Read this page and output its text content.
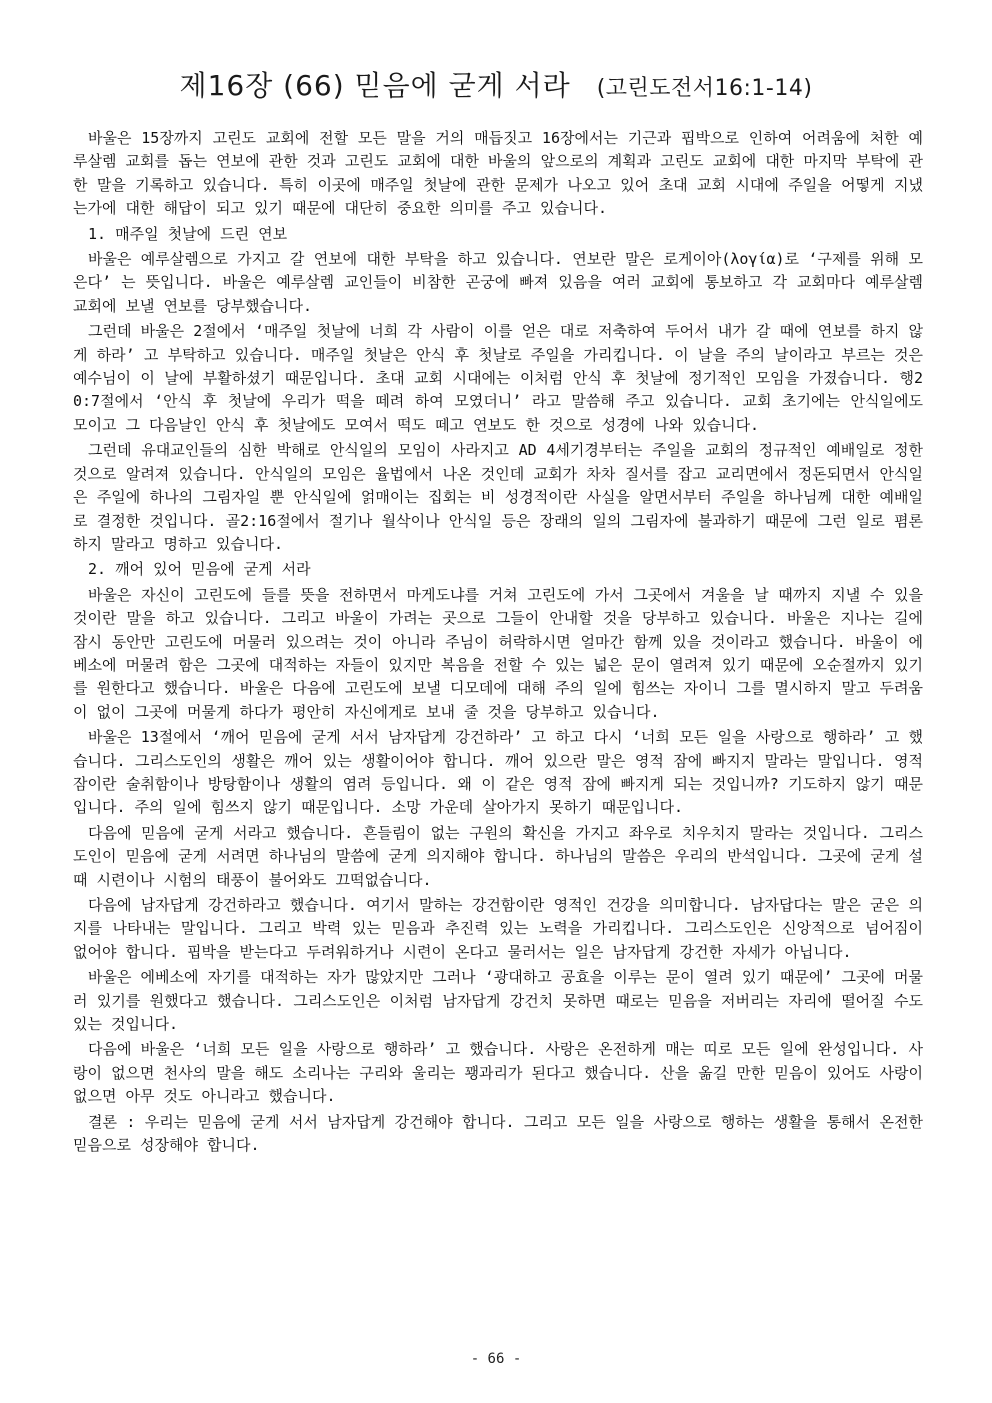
제16장 (66) 믿음에 굳게 서라 (고린도전서16:1-14)

바울은 15장까지 고린도 교회에 전할 모든 말을 거의 매듭짓고 16장에서는 기근과 핍박으로 인하여 어려움에 처한 예루살렘 교회를 돕는 연보에 관한 것과 고린도 교회에 대한 바울의 앞으로의 계획과 고린도 교회에 대한 마지막 부탁에 관한 말을 기록하고 있습니다. 특히 이곳에 매주일 첫날에 관한 문제가 나오고 있어 초대 교회 시대에 주일을 어떻게 지냈는가에 대한 해답이 되고 있기 때문에 대단히 중요한 의미를 주고 있습니다.

1. 매주일 첫날에 드린 연보

바울은 예루살렘으로 가지고 갈 연보에 대한 부탁을 하고 있습니다. 연보란 말은 로게이아(λογία)로 ‘구제를 위해 모은다’ 는 뜻입니다. 바울은 예루살렘 교인들이 비참한 곤궁에 빠져 있음을 여러 교회에 통보하고 각 교회마다 예루살렘 교회에 보낼 연보를 당부했습니다.

그런데 바울은 2절에서 ‘매주일 첫날에 너희 각 사람이 이를 얻은 대로 저축하여 두어서 내가 갈 때에 연보를 하지 않게 하라’ 고 부탁하고 있습니다. 매주일 첫날은 안식 후 첫날로 주일을 가리킵니다. 이 날을 주의 날이라고 부르는 것은 예수님이 이 날에 부활하셨기 때문입니다. 초대 교회 시대에는 이처럼 안식 후 첫날에 정기적인 모임을 가졌습니다. 행20:7절에서 ‘안식 후 첫날에 우리가 떡을 떼려 하여 모였더니’ 라고 말씀해 주고 있습니다. 교회 초기에는 안식일에도 모이고 그 다음날인 안식 후 첫날에도 모여서 떡도 떼고 연보도 한 것으로 성경에 나와 있습니다.

그런데 유대교인들의 심한 박해로 안식일의 모임이 사라지고 AD 4세기경부터는 주일을 교회의 정규적인 예배일로 정한 것으로 알려져 있습니다. 안식일의 모임은 율법에서 나온 것인데 교회가 차차 질서를 잡고 교리면에서 정돈되면서 안식일은 주일에 하나의 그림자일 뿐 안식일에 얽매이는 집회는 비 성경적이란 사실을 알면서부터 주일을 하나님께 대한 예배일로 결정한 것입니다. 골2:16절에서 절기나 월삭이나 안식일 등은 장래의 일의 그림자에 불과하기 때문에 그런 일로 폄론하지 말라고 명하고 있습니다.

2. 깨어 있어 믿음에 굳게 서라

바울은 자신이 고린도에 들를 뜻을 전하면서 마게도냐를 거쳐 고린도에 가서 그곳에서 겨울을 날 때까지 지낼 수 있을 것이란 말을 하고 있습니다. 그리고 바울이 가려는 곳으로 그들이 안내할 것을 당부하고 있습니다. 바울은 지나는 길에 잠시 동안만 고린도에 머물러 있으려는 것이 아니라 주님이 허락하시면 얼마간 함께 있을 것이라고 했습니다. 바울이 에베소에 머물려 함은 그곳에 대적하는 자들이 있지만 복음을 전할 수 있는 넓은 문이 열려져 있기 때문에 오순절까지 있기를 원한다고 했습니다. 바울은 다음에 고린도에 보낼 디모데에 대해 주의 일에 힘쓰는 자이니 그를 멸시하지 말고 두려움이 없이 그곳에 머물게 하다가 평안히 자신에게로 보내 줄 것을 당부하고 있습니다.

바울은 13절에서 ‘깨어 믿음에 굳게 서서 남자답게 강건하라’ 고 하고 다시 ‘너희 모든 일을 사랑으로 행하라’ 고 했습니다. 그리스도인의 생활은 깨어 있는 생활이어야 합니다. 깨어 있으란 말은 영적 잠에 빠지지 말라는 말입니다. 영적 잠이란 술취함이나 방탕함이나 생활의 염려 등입니다. 왜 이 같은 영적 잠에 빠지게 되는 것입니까? 기도하지 않기 때문입니다. 주의 일에 힘쓰지 않기 때문입니다. 소망 가운데 살아가지 못하기 때문입니다.

다음에 믿음에 굳게 서라고 했습니다. 흔들림이 없는 구원의 확신을 가지고 좌우로 치우치지 말라는 것입니다. 그리스도인이 믿음에 굳게 서려면 하나님의 말씀에 굳게 의지해야 합니다. 하나님의 말씀은 우리의 반석입니다. 그곳에 굳게 설 때 시련이나 시험의 태풍이 불어와도 끄떡없습니다.

다음에 남자답게 강건하라고 했습니다. 여기서 말하는 강건함이란 영적인 건강을 의미합니다. 남자답다는 말은 굳은 의지를 나타내는 말입니다. 그리고 박력 있는 믿음과 추진력 있는 노력을 가리킵니다. 그리스도인은 신앙적으로 넘어짐이 없어야 합니다. 핍박을 받는다고 두려워하거나 시련이 온다고 물러서는 일은 남자답게 강건한 자세가 아닙니다.

바울은 에베소에 자기를 대적하는 자가 많았지만 그러나 ‘광대하고 공효을 이루는 문이 열려 있기 때문에’ 그곳에 머물러 있기를 원했다고 했습니다. 그리스도인은 이처럼 남자답게 강건치 못하면 때로는 믿음을 저버리는 자리에 떨어질 수도 있는 것입니다.

다음에 바울은 ‘너희 모든 일을 사랑으로 행하라’ 고 했습니다. 사랑은 온전하게 매는 띠로 모든 일에 완성입니다. 사랑이 없으면 천사의 말을 해도 소리나는 구리와 울리는 꽹과리가 된다고 했습니다. 산을 옮길 만한 믿음이 있어도 사랑이 없으면 아무 것도 아니라고 했습니다.

결론 : 우리는 믿음에 굳게 서서 남자답게 강건해야 합니다. 그리고 모든 일을 사랑으로 행하는 생활을 통해서 온전한 믿음으로 성장해야 합니다.

- 66 -
